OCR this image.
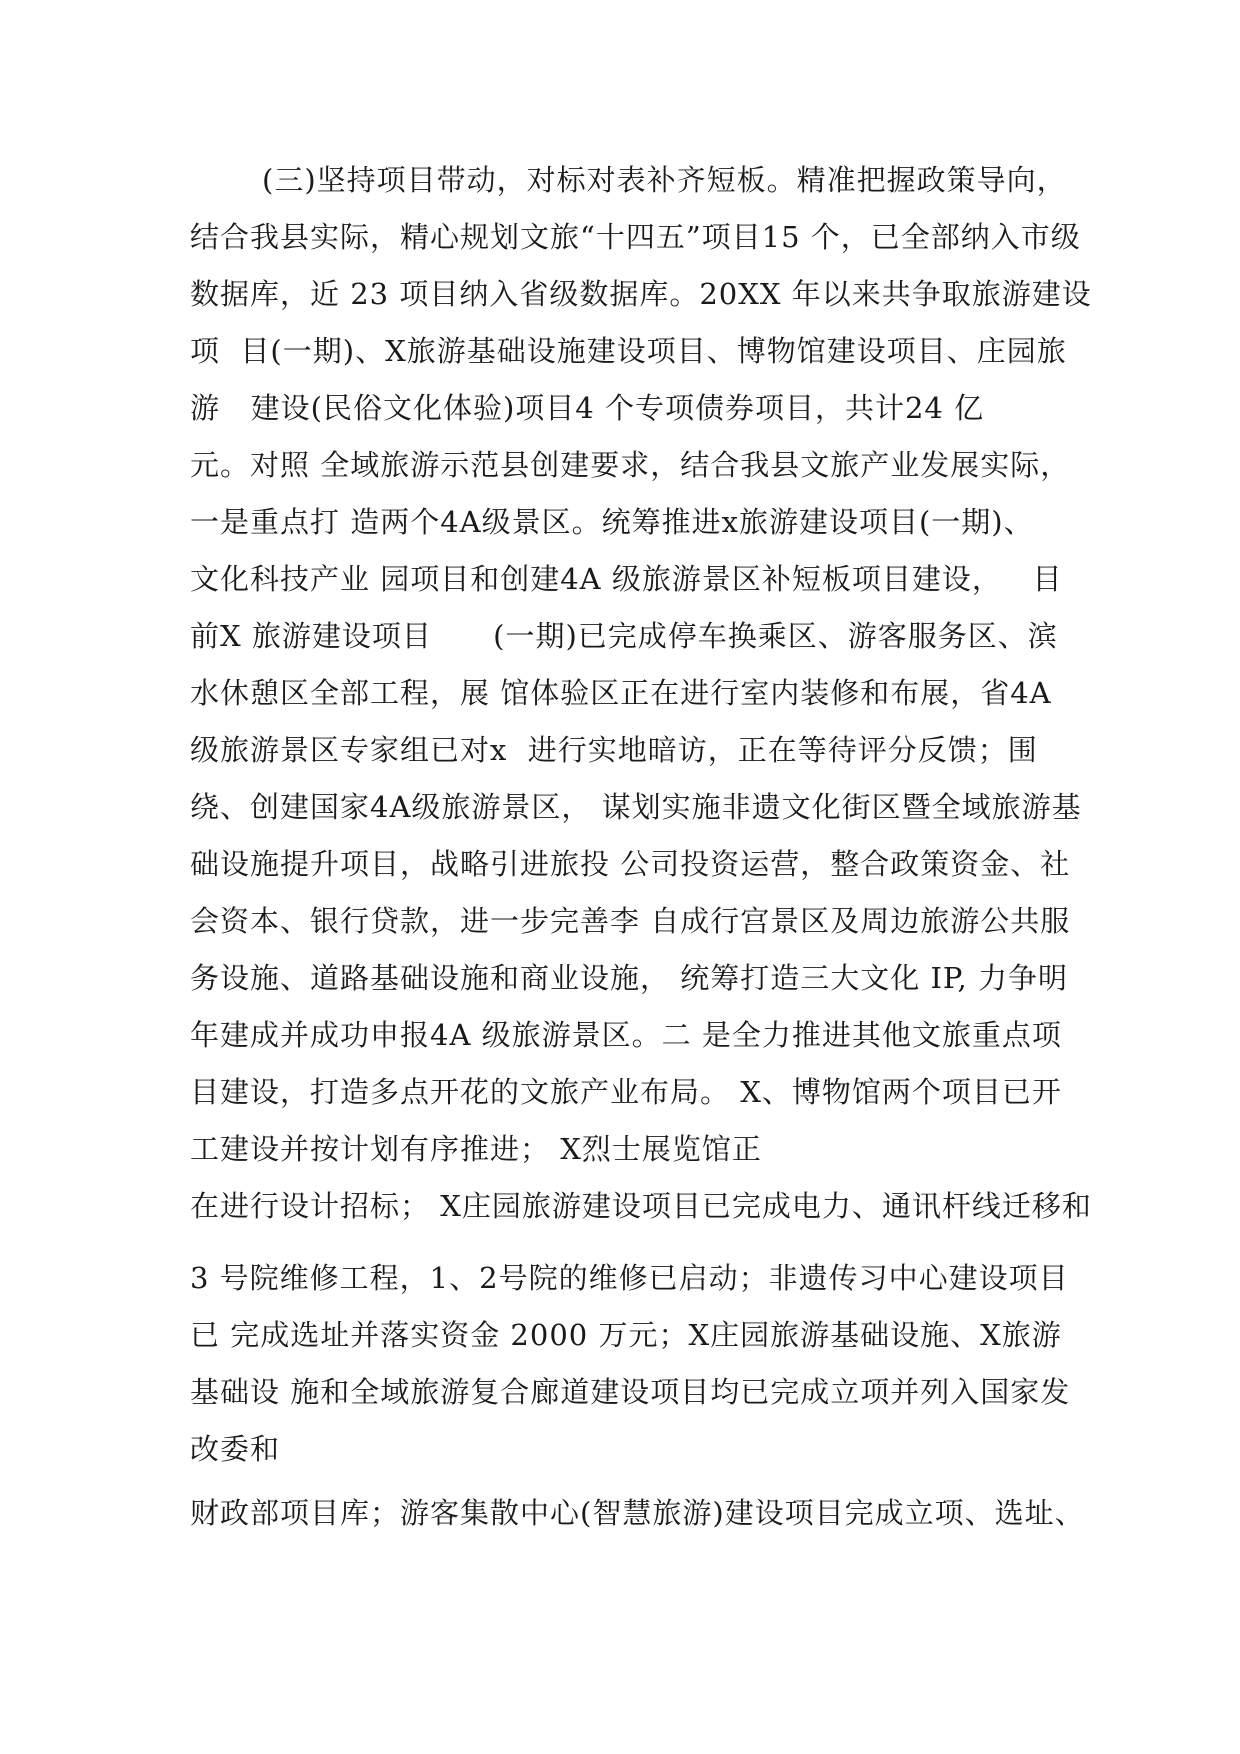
(三)坚持项目带动，对标对表补齐短板。精准把握政策导向，
结合我县实际，精心规划文旅“十四五”项目15 个，已全部纳入市级
数据库，近 23 项目纳入省级数据库。20XX 年以来共争取旅游建设
项  目(一期)、X旅游基础设施建设项目、博物馆建设项目、庄园旅
游   建设(民俗文化体验)项目4 个专项债券项目，共计24 亿
元。对照 全域旅游示范县创建要求，结合我县文旅产业发展实际，
一是重点打 造两个4A级景区。统筹推进x旅游建设项目(一期)、
文化科技产业 园项目和创建4A 级旅游景区补短板项目建设，   目
前X 旅游建设项目      (一期)已完成停车换乘区、游客服务区、滨
水休憩区全部工程，展 馆体验区正在进行室内装修和布展，省4A
级旅游景区专家组已对x  进行实地暗访，正在等待评分反馈；围
绕、创建国家4A级旅游景区， 谋划实施非遗文化街区暨全域旅游基
础设施提升项目，战略引进旅投 公司投资运营，整合政策资金、社
会资本、银行贷款，进一步完善李 自成行宫景区及周边旅游公共服
务设施、道路基础设施和商业设施， 统筹打造三大文化 IP, 力争明
年建成并成功申报4A 级旅游景区。二 是全力推进其他文旅重点项
目建设，打造多点开花的文旅产业布局。 X、博物馆两个项目已开
工建设并按计划有序推进； X烈士展览馆正
在进行设计招标； X庄园旅游建设项目已完成电力、通讯杆线迁移和
3 号院维修工程，1、2号院的维修已启动；非遗传习中心建设项目
已 完成选址并落实资金 2000 万元；X庄园旅游基础设施、X旅游
基础设 施和全域旅游复合廊道建设项目均已完成立项并列入国家发
改委和
财政部项目库；游客集散中心(智慧旅游)建设项目完成立项、选址、
